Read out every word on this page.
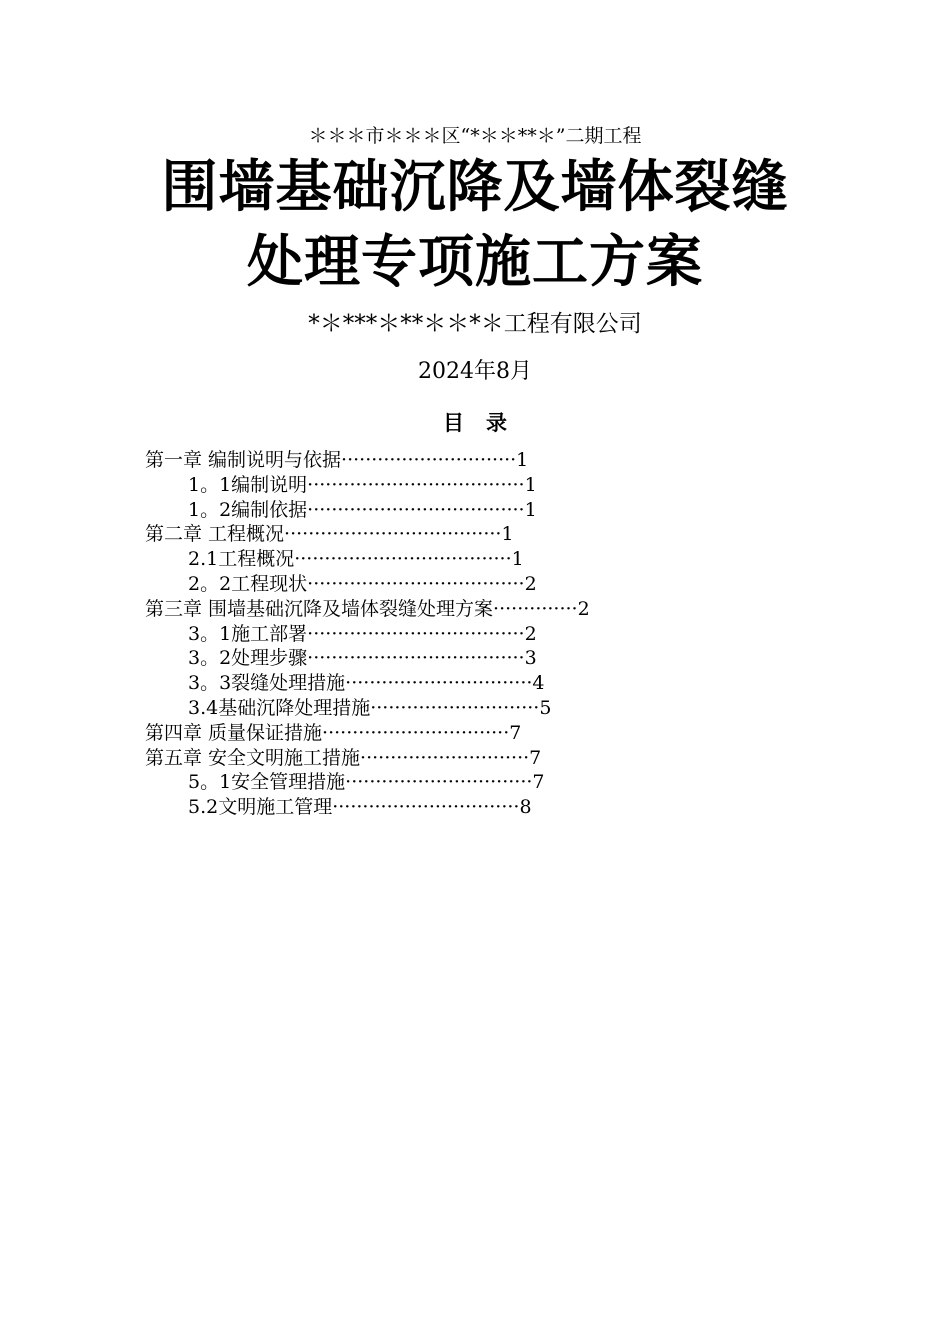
＊＊＊市＊＊＊区“*＊＊**＊”二期工程
围墙基础沉降及墙体裂缝
处理专项施工方案
*＊***＊**＊＊*＊工程有限公司
2024年8月
目录
第一章 编制说明与依据·····························1
1。1编制说明····································1
1。2编制依据····································1
第二章 工程概况····································1
2.1工程概况····································1
2。2工程现状····································2
第三章 围墙基础沉降及墙体裂缝处理方案··············2
3。1施工部署····································2
3。2处理步骤····································3
3。3裂缝处理措施·······························4
3.4基础沉降处理措施····························5
第四章 质量保证措施·······························7
第五章 安全文明施工措施····························7
5。1安全管理措施·······························7
5.2文明施工管理·······························8
